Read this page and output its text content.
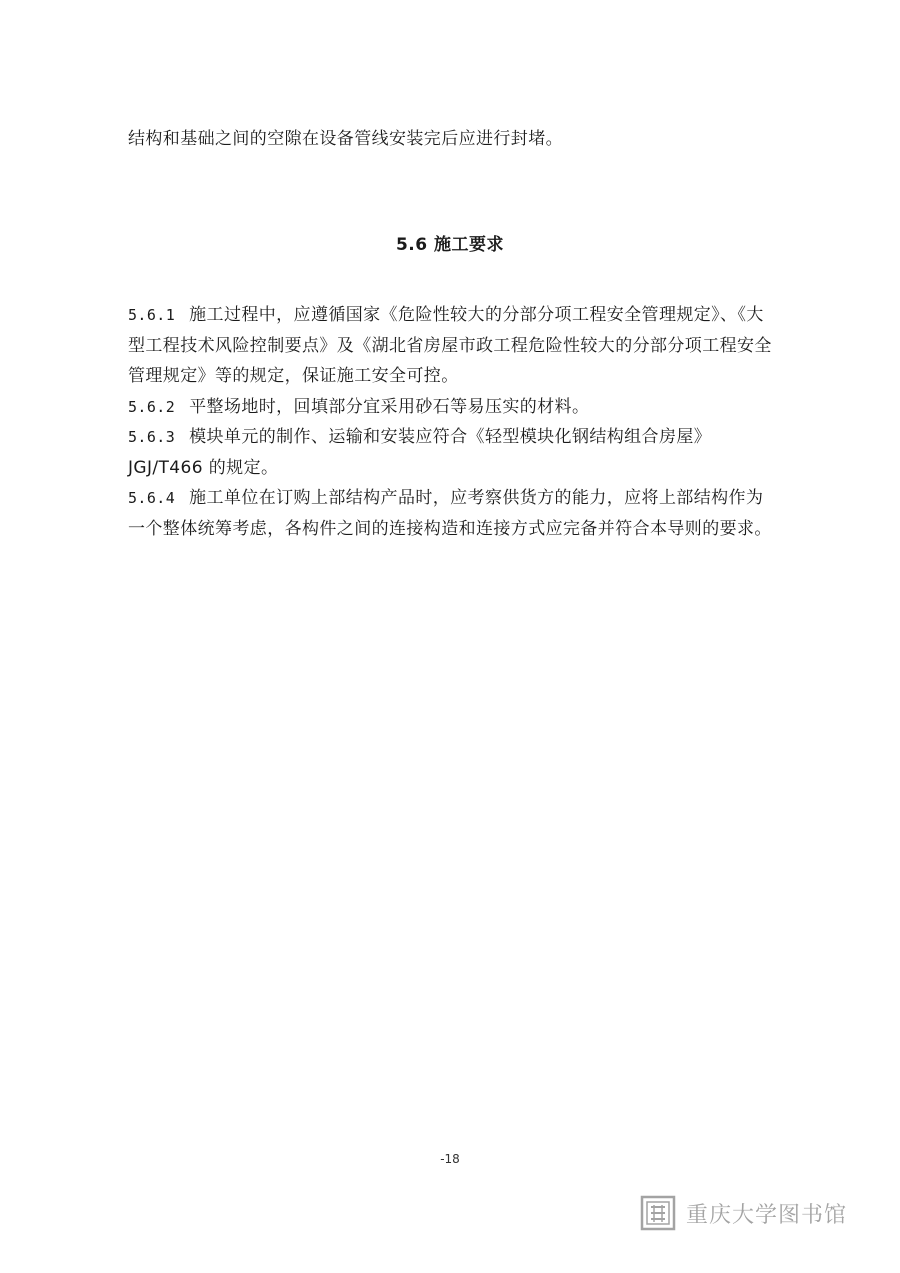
结构和基础之间的空隙在设备管线安装完后应进行封堵。

5.6 施工要求

5.6.1 施工过程中，应遵循国家《危险性较大的分部分项工程安全管理规定》、《大型工程技术风险控制要点》及《湖北省房屋市政工程危险性较大的分部分项工程安全管理规定》等的规定，保证施工安全可控。

5.6.2 平整场地时，回填部分宜采用砂石等易压实的材料。

5.6.3 模块单元的制作、运输和安装应符合《轻型模块化钢结构组合房屋》JGJ/T466 的规定。

5.6.4 施工单位在订购上部结构产品时，应考察供货方的能力，应将上部结构作为一个整体统筹考虑，各构件之间的连接构造和连接方式应完备并符合本导则的要求。

-18
重庆大学图书馆
